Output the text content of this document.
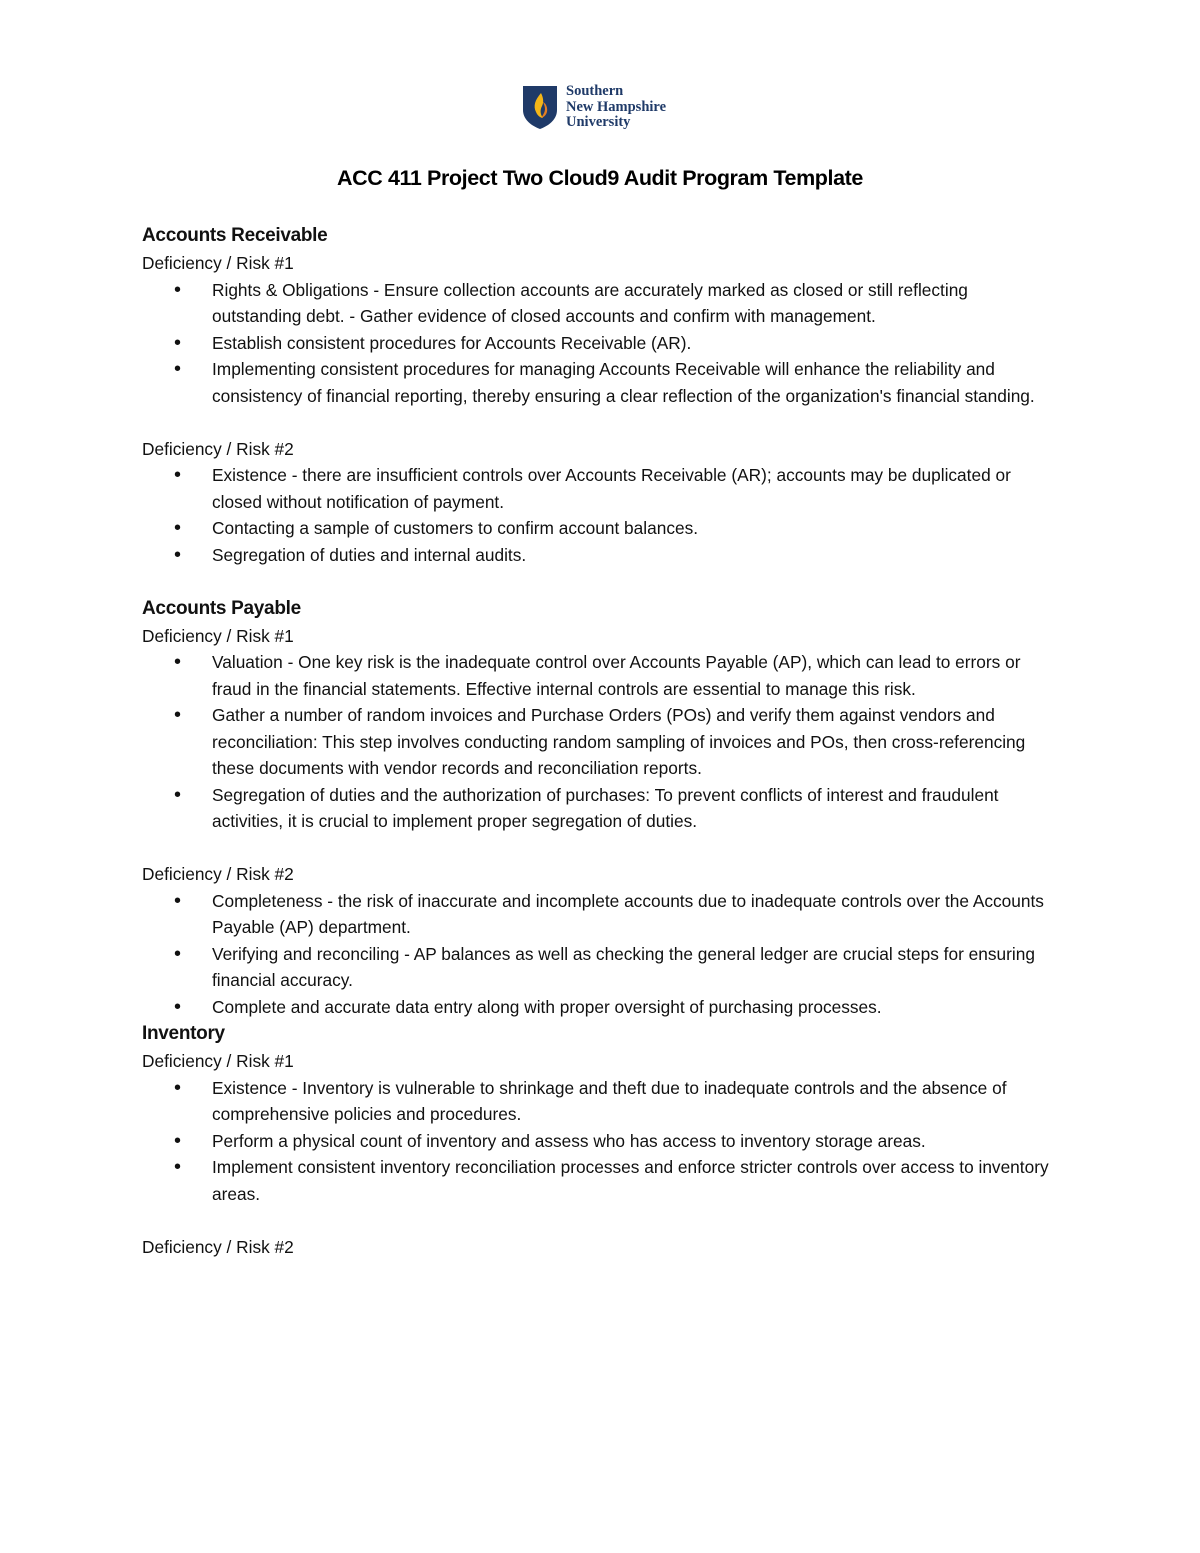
Southern
New Hampshire
University
ACC 411 Project Two Cloud9 Audit Program Template
Accounts Receivable

Deficiency / Risk #1

• Rights & Obligations - Ensure collection accounts are accurately marked as closed or still reflecting outstanding debt. - Gather evidence of closed accounts and confirm with management.
• Establish consistent procedures for Accounts Receivable (AR).
• Implementing consistent procedures for managing Accounts Receivable will enhance the reliability and consistency of financial reporting, thereby ensuring a clear reflection of the organization's financial standing.

Deficiency / Risk #2

• Existence - there are insufficient controls over Accounts Receivable (AR); accounts may be duplicated or closed without notification of payment.
• Contacting a sample of customers to confirm account balances.
• Segregation of duties and internal audits.
Accounts Payable

Deficiency / Risk #1

• Valuation - One key risk is the inadequate control over Accounts Payable (AP), which can lead to errors or fraud in the financial statements. Effective internal controls are essential to manage this risk.
• Gather a number of random invoices and Purchase Orders (POs) and verify them against vendors and reconciliation: This step involves conducting random sampling of invoices and POs, then cross-referencing these documents with vendor records and reconciliation reports.
• Segregation of duties and the authorization of purchases: To prevent conflicts of interest and fraudulent activities, it is crucial to implement proper segregation of duties.

Deficiency / Risk #2

• Completeness - the risk of inaccurate and incomplete accounts due to inadequate controls over the Accounts Payable (AP) department.
• Verifying and reconciling - AP balances as well as checking the general ledger are crucial steps for ensuring financial accuracy.
• Complete and accurate data entry along with proper oversight of purchasing processes.
Inventory

Deficiency / Risk #1

• Existence - Inventory is vulnerable to shrinkage and theft due to inadequate controls and the absence of comprehensive policies and procedures.
• Perform a physical count of inventory and assess who has access to inventory storage areas.
• Implement consistent inventory reconciliation processes and enforce stricter controls over access to inventory areas.

Deficiency / Risk #2
